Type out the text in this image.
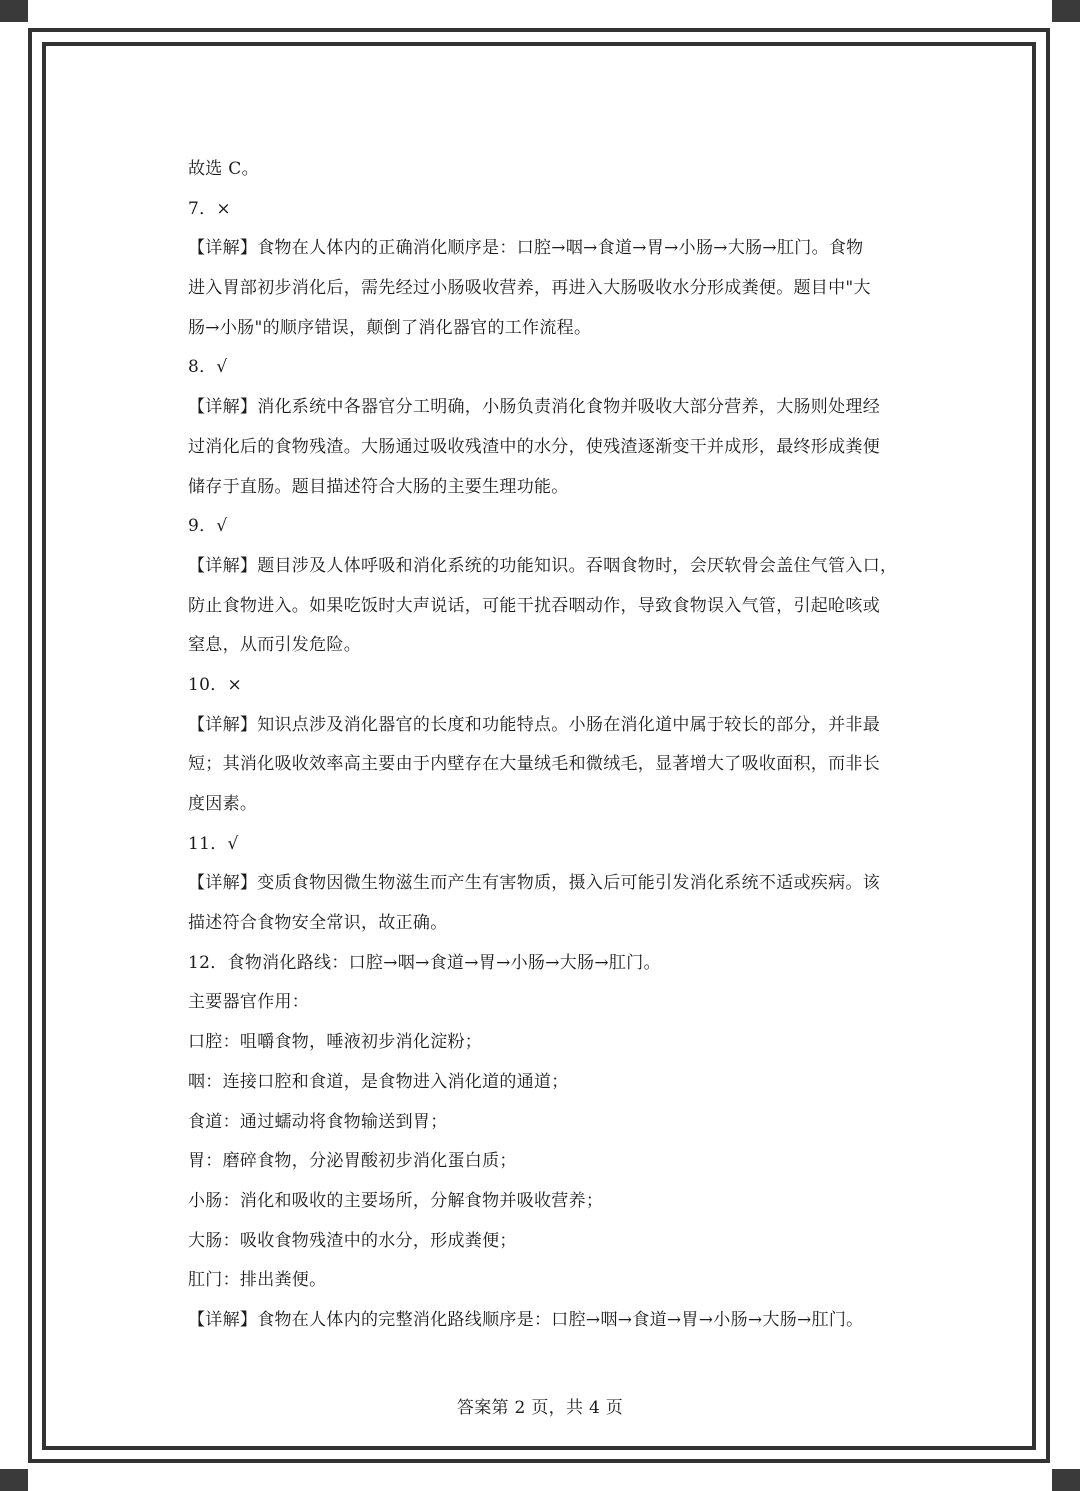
故选 C。
7．×
【详解】食物在人体内的正确消化顺序是：口腔→咽→食道→胃→小肠→大肠→肛门。食物
进入胃部初步消化后，需先经过小肠吸收营养，再进入大肠吸收水分形成粪便。题目中"大
肠→小肠"的顺序错误，颠倒了消化器官的工作流程。
8．√
【详解】消化系统中各器官分工明确，小肠负责消化食物并吸收大部分营养，大肠则处理经
过消化后的食物残渣。大肠通过吸收残渣中的水分，使残渣逐渐变干并成形，最终形成粪便
储存于直肠。题目描述符合大肠的主要生理功能。
9．√
【详解】题目涉及人体呼吸和消化系统的功能知识。吞咽食物时，会厌软骨会盖住气管入口，
防止食物进入。如果吃饭时大声说话，可能干扰吞咽动作，导致食物误入气管，引起呛咳或
窒息，从而引发危险。
10．×
【详解】知识点涉及消化器官的长度和功能特点。小肠在消化道中属于较长的部分，并非最
短；其消化吸收效率高主要由于内壁存在大量绒毛和微绒毛，显著增大了吸收面积，而非长
度因素。
11．√
【详解】变质食物因微生物滋生而产生有害物质，摄入后可能引发消化系统不适或疾病。该
描述符合食物安全常识，故正确。
12．食物消化路线：口腔→咽→食道→胃→小肠→大肠→肛门。
主要器官作用：
口腔：咀嚼食物，唾液初步消化淀粉；
咽：连接口腔和食道，是食物进入消化道的通道；
食道：通过蠕动将食物输送到胃；
胃：磨碎食物，分泌胃酸初步消化蛋白质；
小肠：消化和吸收的主要场所，分解食物并吸收营养；
大肠：吸收食物残渣中的水分，形成粪便；
肛门：排出粪便。
【详解】食物在人体内的完整消化路线顺序是：口腔→咽→食道→胃→小肠→大肠→肛门。
答案第 2 页，共 4 页
